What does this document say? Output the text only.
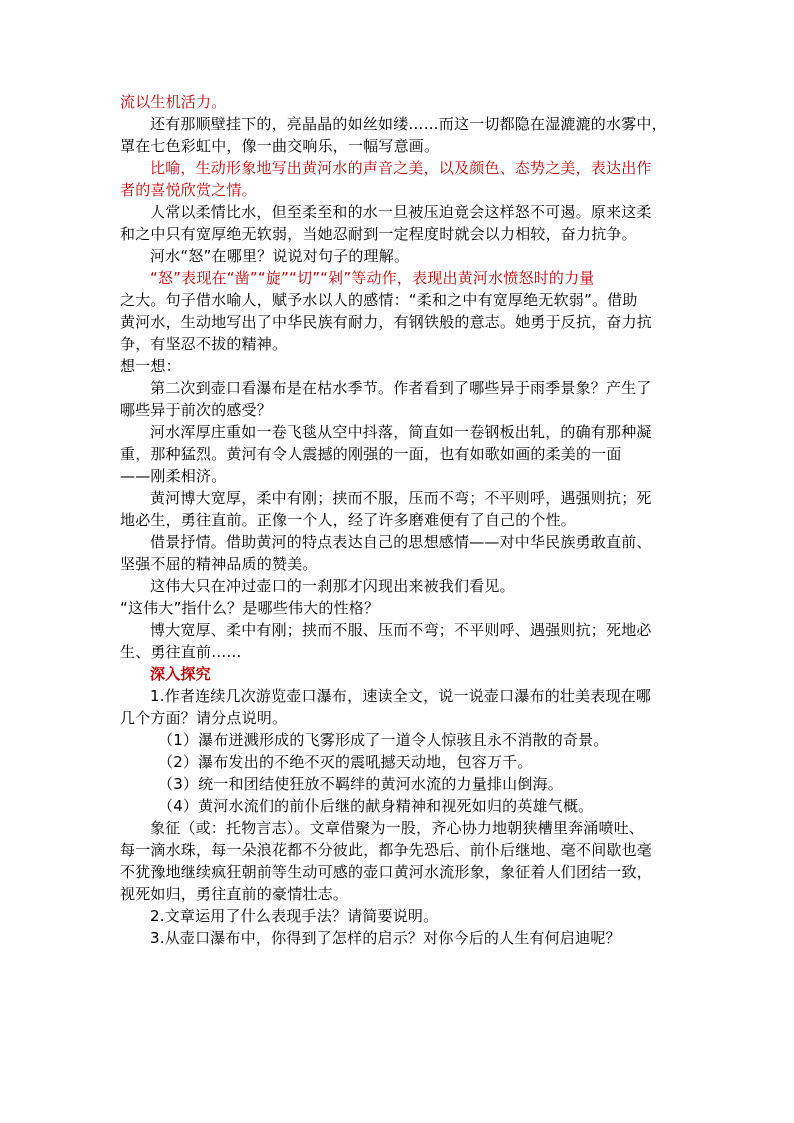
流以生机活力。
还有那顺壁挂下的，亮晶晶的如丝如缕……而这一切都隐在湿漉漉的水雾中，
罩在七色彩虹中，像一曲交响乐，一幅写意画。
比喻，生动形象地写出黄河水的声音之美，以及颜色、态势之美，表达出作
者的喜悦欣赏之情。
人常以柔情比水，但至柔至和的水一旦被压迫竟会这样怒不可遏。原来这柔
和之中只有宽厚绝无软弱，当她忍耐到一定程度时就会以力相较，奋力抗争。
河水“怒”在哪里？说说对句子的理解。
“怒”表现在“凿”“旋”“切”“剁”等动作，表现出黄河水愤怒时的力量
之大。句子借水喻人，赋予水以人的感情：“柔和之中有宽厚绝无软弱”。借助
黄河水，生动地写出了中华民族有耐力，有钢铁般的意志。她勇于反抗，奋力抗
争，有坚忍不拔的精神。
想一想：
第二次到壶口看瀑布是在枯水季节。作者看到了哪些异于雨季景象？产生了
哪些异于前次的感受？
河水浑厚庄重如一卷飞毯从空中抖落，简直如一卷钢板出轧，的确有那种凝
重，那种猛烈。黄河有令人震撼的刚强的一面，也有如歌如画的柔美的一面
——刚柔相济。
黄河博大宽厚，柔中有刚；挟而不服，压而不弯；不平则呼，遇强则抗；死
地必生，勇往直前。正像一个人，经了许多磨难便有了自己的个性。
借景抒情。借助黄河的特点表达自己的思想感情——对中华民族勇敢直前、
坚强不屈的精神品质的赞美。
这伟大只在冲过壶口的一刹那才闪现出来被我们看见。
“这伟大”指什么？是哪些伟大的性格？
博大宽厚、柔中有刚；挟而不服、压而不弯；不平则呼、遇强则抗；死地必
生、勇往直前……
深入探究
1.作者连续几次游览壶口瀑布，速读全文，说一说壶口瀑布的壮美表现在哪
几个方面？请分点说明。
（1）瀑布迸溅形成的飞雾形成了一道令人惊骇且永不消散的奇景。
（2）瀑布发出的不绝不灭的震吼撼天动地，包容万千。
（3）统一和团结使狂放不羁绊的黄河水流的力量排山倒海。
（4）黄河水流们的前仆后继的献身精神和视死如归的英雄气概。
象征（或：托物言志）。文章借聚为一股，齐心协力地朝狭槽里奔涌喷吐、
每一滴水珠，每一朵浪花都不分彼此，都争先恐后、前仆后继地、毫不间歇也毫
不犹豫地继续疯狂朝前等生动可感的壶口黄河水流形象，象征着人们团结一致，
视死如归，勇往直前的豪情壮志。
2.文章运用了什么表现手法？请简要说明。
3.从壶口瀑布中，你得到了怎样的启示？对你今后的人生有何启迪呢？
